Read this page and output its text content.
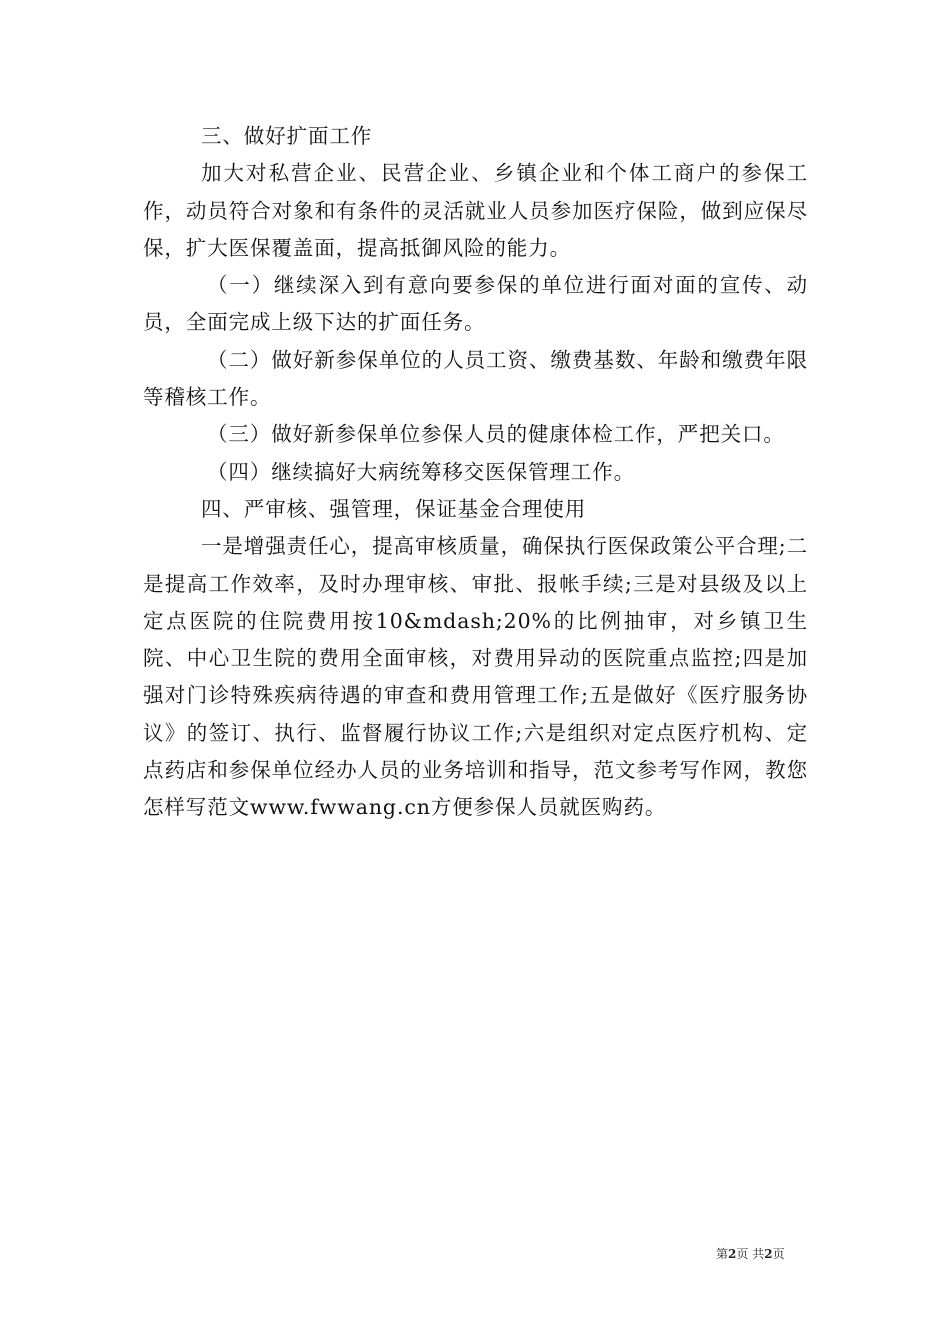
三、做好扩面工作

加大对私营企业、民营企业、乡镇企业和个体工商户的参保工作，动员符合对象和有条件的灵活就业人员参加医疗保险，做到应保尽保，扩大医保覆盖面，提高抵御风险的能力。

（一）继续深入到有意向要参保的单位进行面对面的宣传、动员，全面完成上级下达的扩面任务。

（二）做好新参保单位的人员工资、缴费基数、年龄和缴费年限等稽核工作。

（三）做好新参保单位参保人员的健康体检工作，严把关口。

（四）继续搞好大病统筹移交医保管理工作。

四、严审核、强管理，保证基金合理使用

一是增强责任心，提高审核质量，确保执行医保政策公平合理;二是提高工作效率，及时办理审核、审批、报帐手续;三是对县级及以上定点医院的住院费用按10&mdash;20%的比例抽审，对乡镇卫生院、中心卫生院的费用全面审核，对费用异动的医院重点监控;四是加强对门诊特殊疾病待遇的审查和费用管理工作;五是做好《医疗服务协议》的签订、执行、监督履行协议工作;六是组织对定点医疗机构、定点药店和参保单位经办人员的业务培训和指导，范文参考写作网，教您怎样写范文www.fwwang.cn方便参保人员就医购药。

第2页 共2页
